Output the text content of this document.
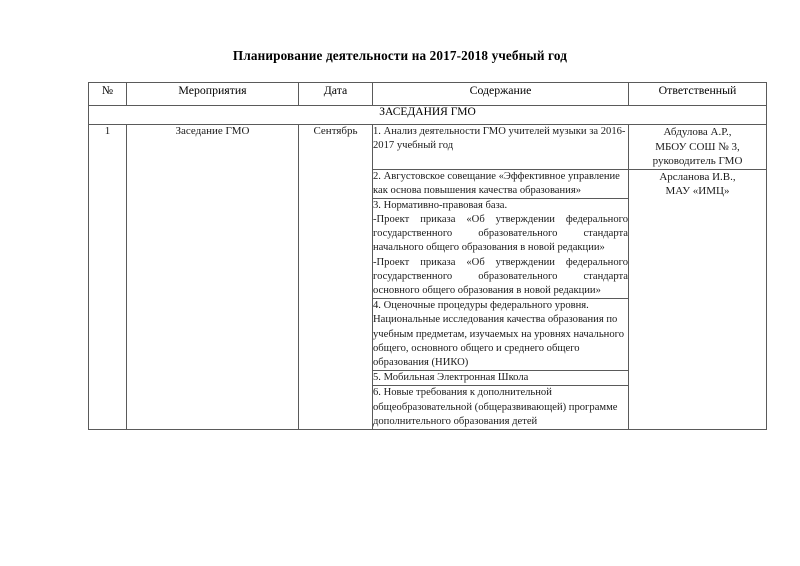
Планирование деятельности на 2017-2018 учебный год
№	Мероприятия	Дата	Содержание	Ответственный
ЗАСЕДАНИЯ ГМО				
1	Заседание ГМО	Сентябрь	1. Анализ деятельности ГМО учителей музыки за 2016-2017 учебный год	Абдулова А.Р.,
МБОУ СОШ № 3,
руководитель ГМО

			2. Августовское совещание «Эффективное управление как основа повышения качества образования»	Арсланова И.В.,
МАУ «ИМЦ»

			3. Нормативно-правовая база.
-Проект приказа «Об утверждении федерального государственного образовательного стандарта начального общего образования в новой редакции»
-Проект приказа «Об утверждении федерального государственного образовательного стандарта основного общего образования в новой редакции»	

			4. Оценочные процедуры федерального уровня. Национальные исследования качества образования по учебным предметам, изучаемых на уровнях начального общего, основного общего и среднего общего образования (НИКО)	
			5. Мобильная Электронная Школа	
			6. Новые требования к дополнительной общеобразовательной (общеразвивающей) программе дополнительного образования детей	
